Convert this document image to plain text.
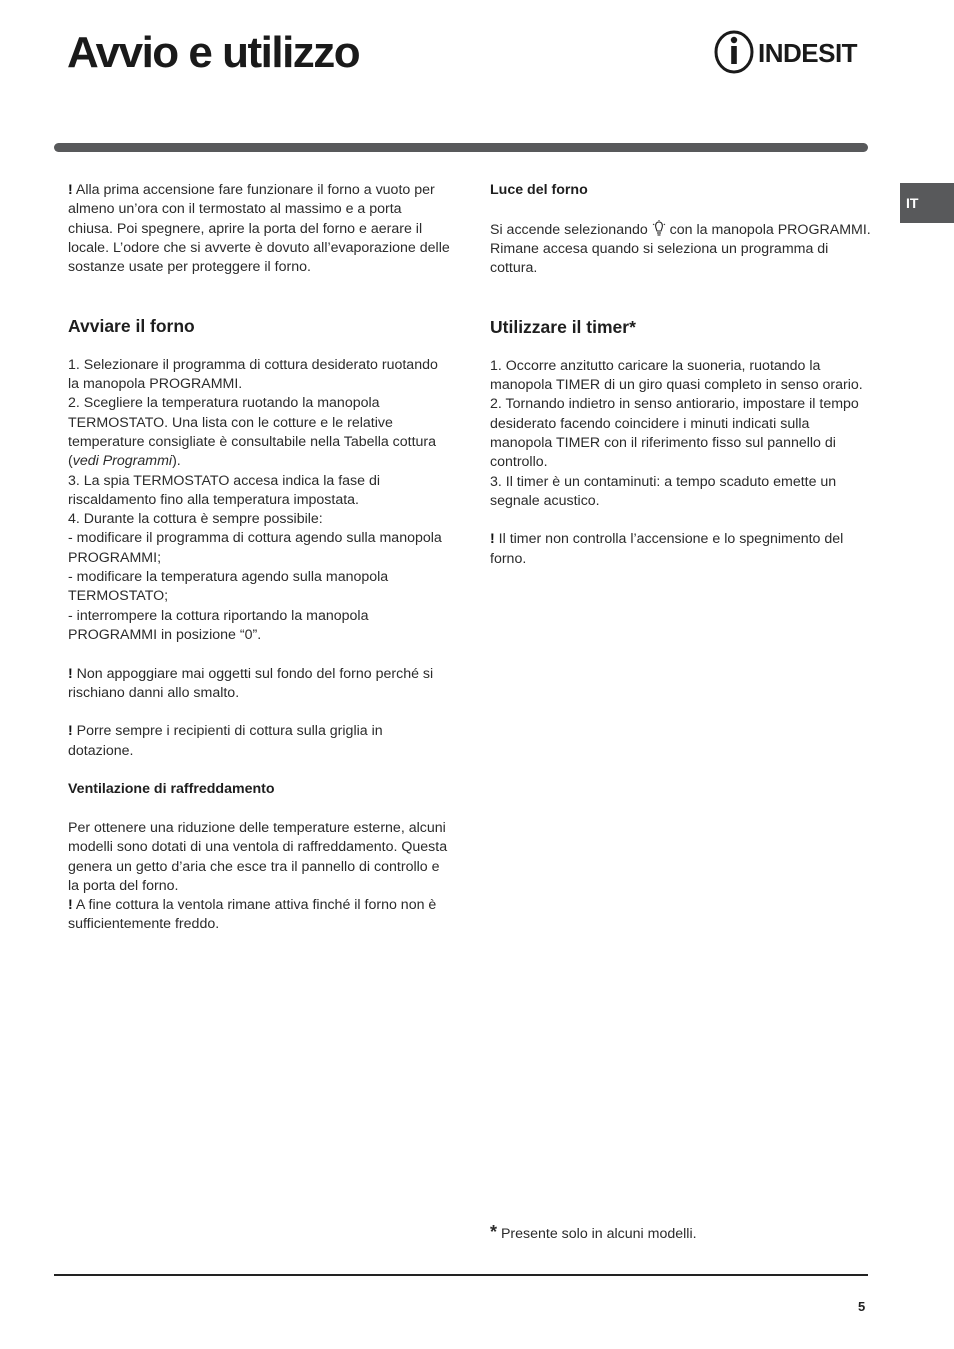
Avvio e utilizzo	INDESIT
IT

! Alla prima accensione fare funzionare il forno a vuoto per almeno un’ora con il termostato al massimo e a porta chiusa. Poi spegnere, aprire la porta del forno e aerare il locale. L’odore che si avverte è dovuto all’evaporazione delle sostanze usate per proteggere il forno.

Avviare il forno

1. Selezionare il programma di cottura desiderato ruotando la manopola PROGRAMMI.

2. Scegliere la temperatura ruotando la manopola TERMOSTATO. Una lista con le cotture e le relative temperature consigliate è consultabile nella Tabella cottura (vedi Programmi).

3. La spia TERMOSTATO accesa indica la fase di riscaldamento fino alla temperatura impostata.

4. Durante la cottura è sempre possibile:

- modificare il programma di cottura agendo sulla manopola PROGRAMMI;

- modificare la temperatura agendo sulla manopola TERMOSTATO;

- interrompere la cottura riportando la manopola PROGRAMMI in posizione “0”.

! Non appoggiare mai oggetti sul fondo del forno perché si rischiano danni allo smalto.

! Porre sempre i recipienti di cottura sulla griglia in dotazione.

Ventilazione di raffreddamento

Per ottenere una riduzione delle temperature esterne, alcuni modelli sono dotati di una ventola di raffreddamento. Questa genera un getto d’aria che esce tra il pannello di controllo e la porta del forno.

! A fine cottura la ventola rimane attiva finché il forno non è sufficientemente freddo.

Luce del forno

Si accende selezionando  con la manopola PROGRAMMI. Rimane accesa quando si seleziona un programma di cottura.

Utilizzare il timer*

1. Occorre anzitutto caricare la suoneria, ruotando la manopola TIMER di un giro quasi completo in senso orario.

2. Tornando indietro in senso antiorario, impostare il tempo desiderato facendo coincidere i minuti indicati sulla manopola TIMER con il riferimento fisso sul pannello di controllo.

3. Il timer è un contaminuti: a tempo scaduto emette un segnale acustico.

! Il timer non controlla l’accensione e lo spegnimento del forno.

* Presente solo in alcuni modelli.
5
